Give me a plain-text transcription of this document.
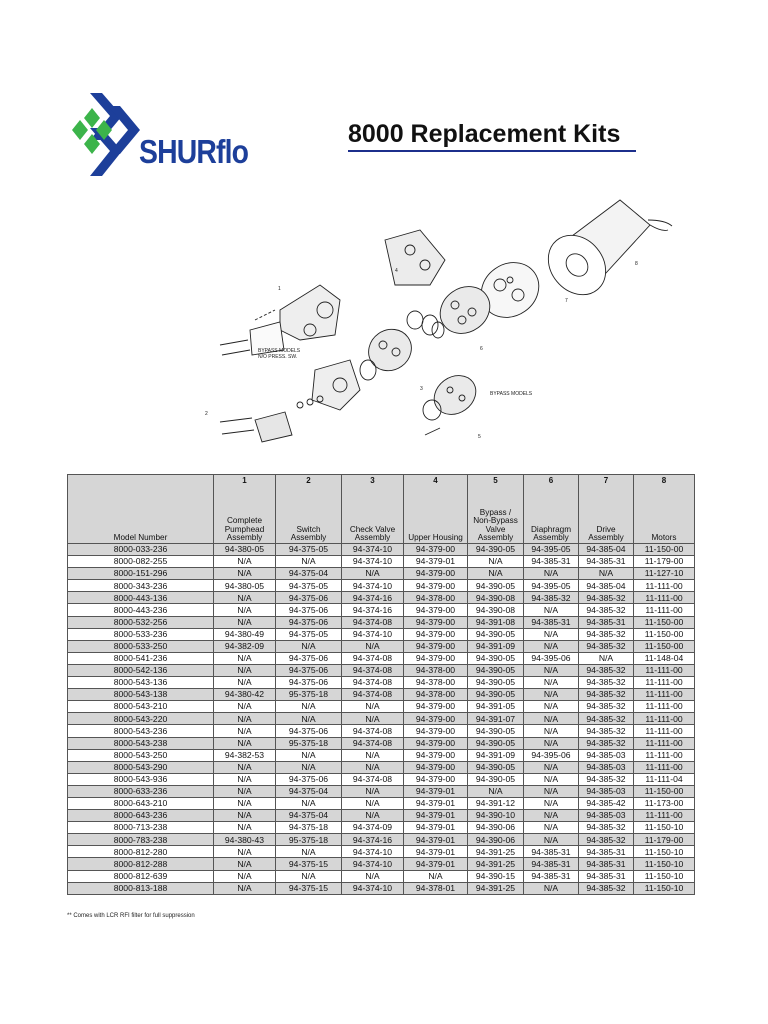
SHURflo	8000 Replacement Kits
8
7
4
6
1
2
3
5
BYPASS MODELS
N/O PRESS. SW.
BYPASS MODELS
	1	2	3	4	5	6	7	8
Model Number	Complete
Pumphead
Assembly	Switch
Assembly	Check Valve
Assembly	Upper Housing	Bypass /
Non-Bypass
Valve
Assembly	Diaphragm
Assembly	Drive
Assembly	Motors
8000-033-236	94-380-05	94-375-05	94-374-10	94-379-00	94-390-05	94-395-05	94-385-04	11-150-00
8000-082-255	N/A	N/A	94-374-10	94-379-01	N/A	94-385-31	94-385-31	11-179-00
8000-151-296	N/A	94-375-04	N/A	94-379-00	N/A	N/A	N/A	11-127-10
8000-343-236	94-380-05	94-375-05	94-374-10	94-379-00	94-390-05	94-395-05	94-385-04	11-111-00
8000-443-136	N/A	94-375-06	94-374-16	94-378-00	94-390-08	94-385-32	94-385-32	11-111-00
8000-443-236	N/A	94-375-06	94-374-16	94-379-00	94-390-08	N/A	94-385-32	11-111-00
8000-532-256	N/A	94-375-06	94-374-08	94-379-00	94-391-08	94-385-31	94-385-31	11-150-00
8000-533-236	94-380-49	94-375-05	94-374-10	94-379-00	94-390-05	N/A	94-385-32	11-150-00
8000-533-250	94-382-09	N/A	N/A	94-379-00	94-391-09	N/A	94-385-32	11-150-00
8000-541-236	N/A	94-375-06	94-374-08	94-379-00	94-390-05	94-395-06	N/A	11-148-04
8000-542-136	N/A	94-375-06	94-374-08	94-378-00	94-390-05	N/A	94-385-32	11-111-00
8000-543-136	N/A	94-375-06	94-374-08	94-378-00	94-390-05	N/A	94-385-32	11-111-00
8000-543-138	94-380-42	95-375-18	94-374-08	94-378-00	94-390-05	N/A	94-385-32	11-111-00
8000-543-210	N/A	N/A	N/A	94-379-00	94-391-05	N/A	94-385-32	11-111-00
8000-543-220	N/A	N/A	N/A	94-379-00	94-391-07	N/A	94-385-32	11-111-00
8000-543-236	N/A	94-375-06	94-374-08	94-379-00	94-390-05	N/A	94-385-32	11-111-00
8000-543-238	N/A	95-375-18	94-374-08	94-379-00	94-390-05	N/A	94-385-32	11-111-00
8000-543-250	94-382-53	N/A	N/A	94-379-00	94-391-09	94-395-06	94-385-03	11-111-00
8000-543-290	N/A	N/A	N/A	94-379-00	94-390-05	N/A	94-385-03	11-111-00
8000-543-936	N/A	94-375-06	94-374-08	94-379-00	94-390-05	N/A	94-385-32	11-111-04
8000-633-236	N/A	94-375-04	N/A	94-379-01	N/A	N/A	94-385-03	11-150-00
8000-643-210	N/A	N/A	N/A	94-379-01	94-391-12	N/A	94-385-42	11-173-00
8000-643-236	N/A	94-375-04	N/A	94-379-01	94-390-10	N/A	94-385-03	11-111-00
8000-713-238	N/A	94-375-18	94-374-09	94-379-01	94-390-06	N/A	94-385-32	11-150-10
8000-783-238	94-380-43	95-375-18	94-374-16	94-379-01	94-390-06	N/A	94-385-32	11-179-00
8000-812-280	N/A	N/A	94-374-10	94-379-01	94-391-25	94-385-31	94-385-31	11-150-10
8000-812-288	N/A	94-375-15	94-374-10	94-379-01	94-391-25	94-385-31	94-385-31	11-150-10
8000-812-639	N/A	N/A	N/A	N/A	94-390-15	94-385-31	94-385-31	11-150-10
8000-813-188	N/A	94-375-15	94-374-10	94-378-01	94-391-25	N/A	94-385-32	11-150-10
** Comes with LCR RFI filter for full suppression
